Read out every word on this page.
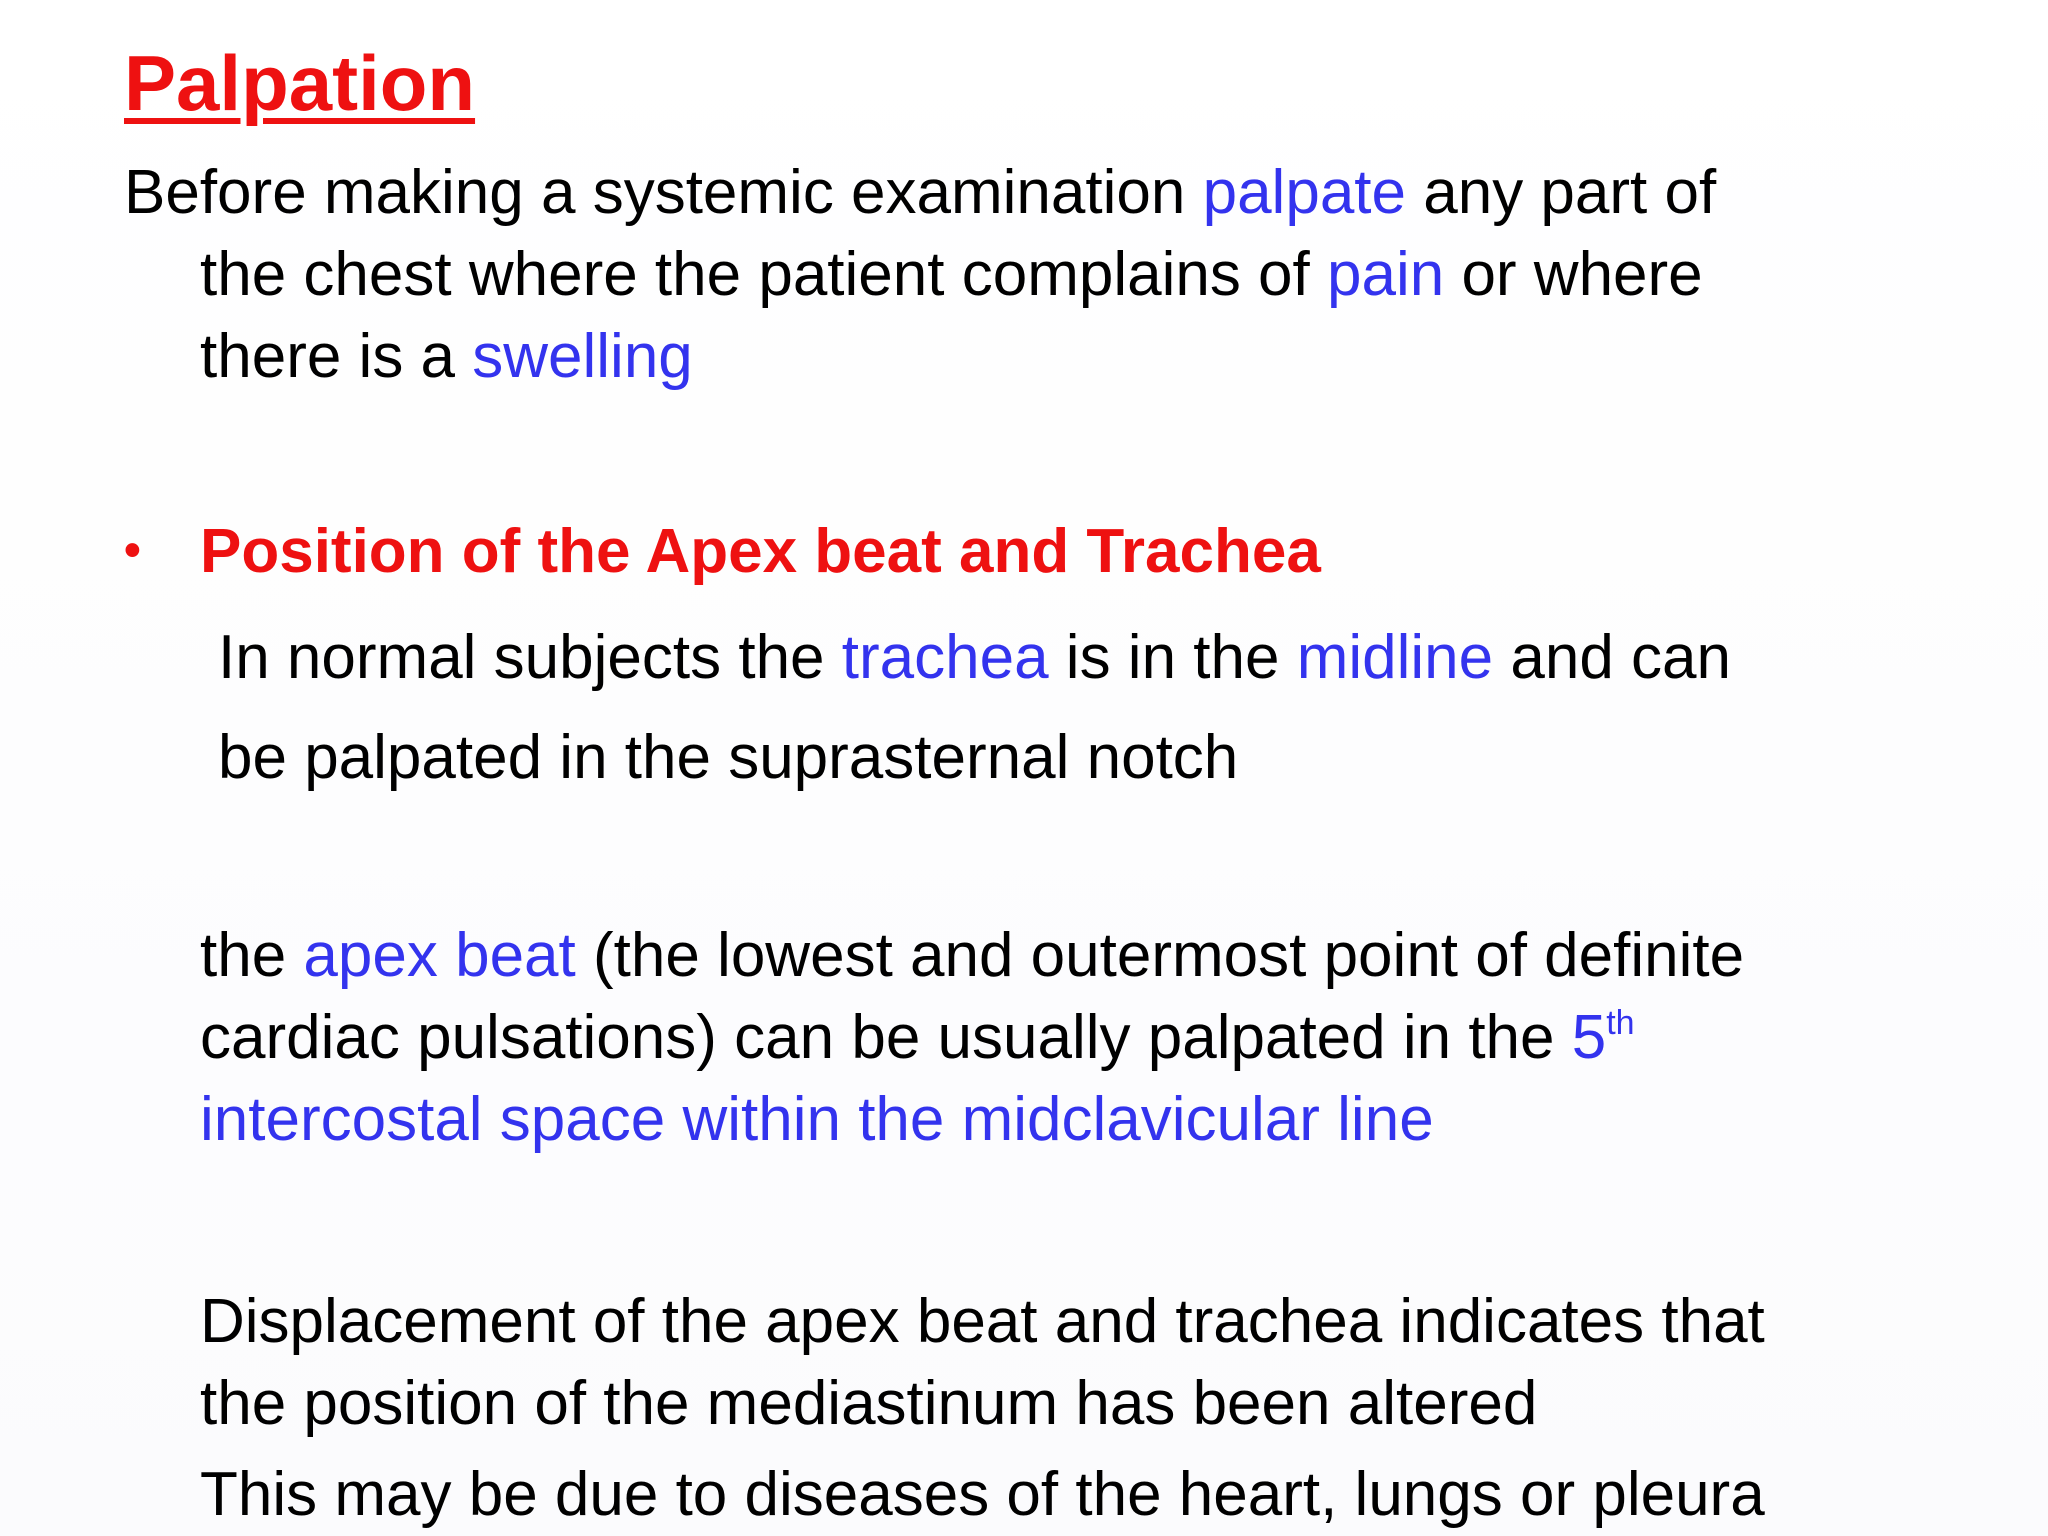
Palpation
Before making a systemic examination palpate any part of
the chest where the patient complains of pain or where
there is a swelling
• Position of the Apex beat and Trachea
In normal subjects the trachea is in the midline and can
be palpated in the suprasternal notch
the apex beat (the lowest and outermost point of definite
cardiac pulsations) can be usually palpated in the 5th
intercostal space within the midclavicular line
Displacement of the apex beat and trachea indicates that
the position of the mediastinum has been altered
This may be due to diseases of the heart, lungs or pleura
